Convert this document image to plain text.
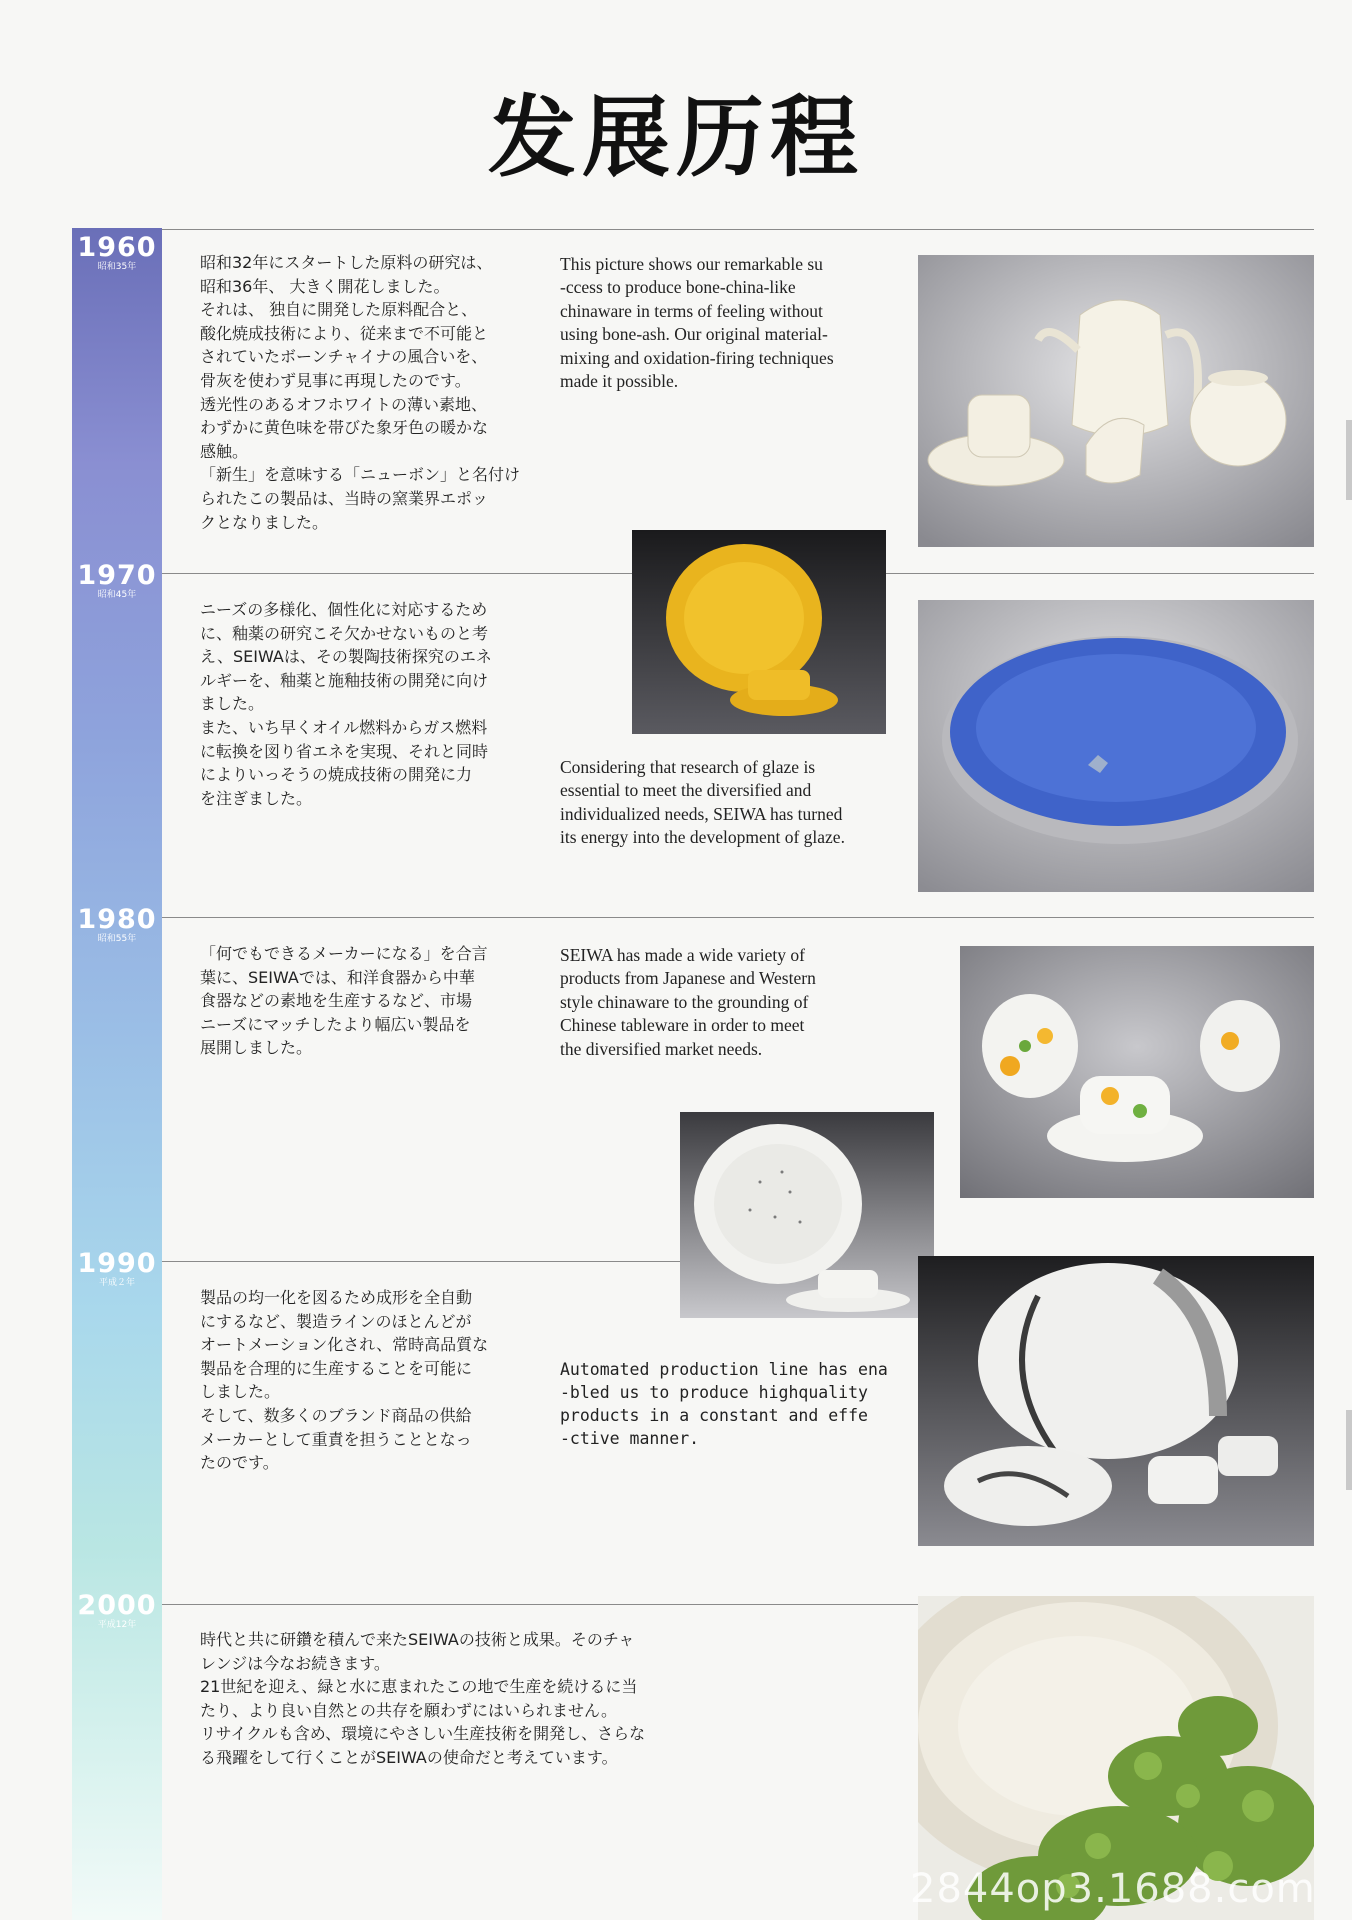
发展历程
1960
昭和35年
1970
昭和45年
1980
昭和55年
1990
平成２年
2000
平成12年
昭和32年にスタートした原料の研究は、
昭和36年、 大きく開花しました。
それは、 独自に開発した原料配合と、
酸化焼成技術により、従来まで不可能と
されていたボーンチャイナの風合いを、
骨灰を使わず見事に再現したのです。
透光性のあるオフホワイトの薄い素地、
わずかに黄色味を帯びた象牙色の暖かな
感触。
「新生」を意味する「ニューボン」と名付け
られたこの製品は、当時の窯業界エポッ
クとなりました。
This picture shows our remarkable su
-ccess to produce bone-china-like
chinaware in terms of feeling without
using bone-ash. Our original material-
mixing and oxidation-firing techniques
made it possible.
ニーズの多様化、個性化に対応するため
に、釉薬の研究こそ欠かせないものと考
え、SEIWAは、その製陶技術探究のエネ
ルギーを、釉薬と施釉技術の開発に向け
ました。
また、いち早くオイル燃料からガス燃料
に転換を図り省エネを実現、それと同時
によりいっそうの焼成技術の開発に力
を注ぎました。
Considering that research of glaze is
essential to meet the diversified and
individualized needs, SEIWA has turned
its energy into the development of glaze.
「何でもできるメーカーになる」を合言
葉に、SEIWAでは、和洋食器から中華
食器などの素地を生産するなど、市場
ニーズにマッチしたより幅広い製品を
展開しました。
SEIWA has made a wide variety of
products from Japanese and Western
style chinaware to the grounding of
Chinese tableware in order to meet
the diversified market needs.
製品の均一化を図るため成形を全自動
にするなど、製造ラインのほとんどが
オートメーション化され、常時高品質な
製品を合理的に生産することを可能に
しました。
そして、数多くのブランド商品の供給
メーカーとして重責を担うこととなっ
たのです。
Automated production line has ena
-bled us to produce highquality
products in a constant and effe
-ctive manner.
時代と共に研鑽を積んで来たSEIWAの技術と成果。そのチャ
レンジは今なお続きます。
21世紀を迎え、緑と水に恵まれたこの地で生産を続けるに当
たり、より良い自然との共存を願わずにはいられません。
リサイクルも含め、環境にやさしい生産技術を開発し、さらな
る飛躍をして行くことがSEIWAの使命だと考えています。
2844op3.1688.com
